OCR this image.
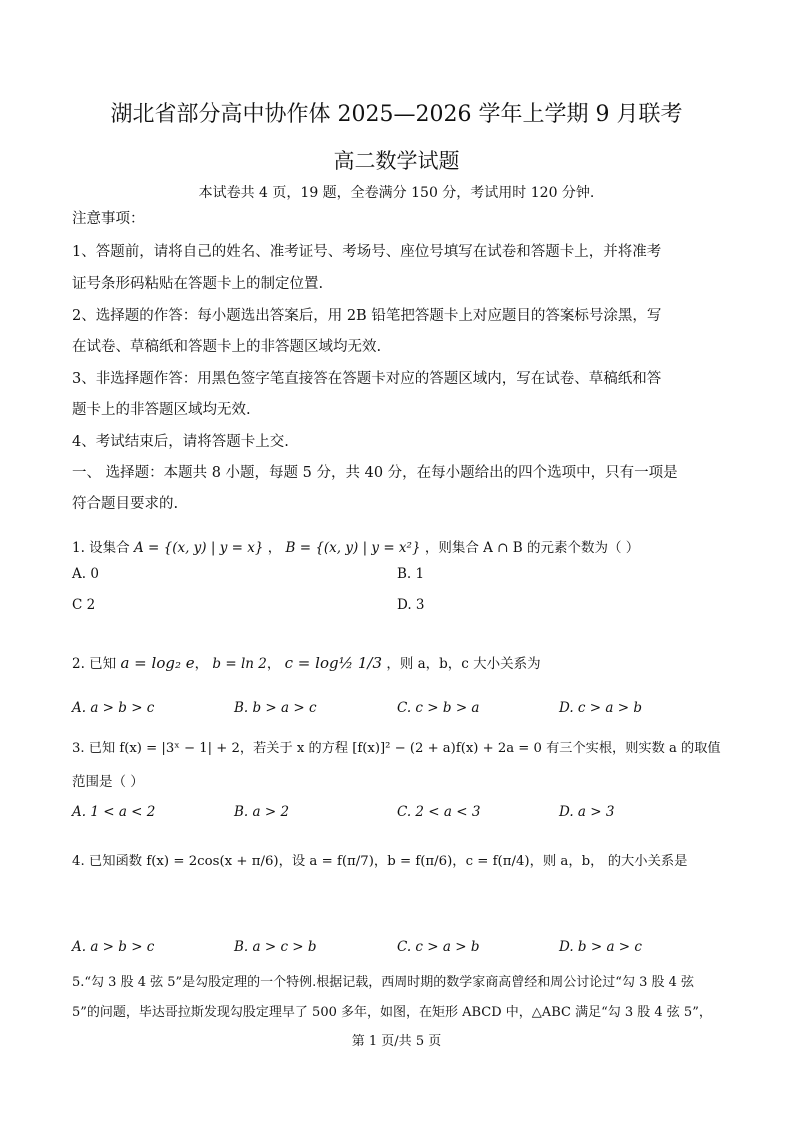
湖北省部分高中协作体 2025—2026 学年上学期 9 月联考
高二数学试题
本试卷共 4 页，19 题，全卷满分 150 分，考试用时 120 分钟.
注意事项：
1、答题前，请将自己的姓名、准考证号、考场号、座位号填写在试卷和答题卡上，并将准考
证号条形码粘贴在答题卡上的制定位置.
2、选择题的作答：每小题选出答案后，用 2B 铅笔把答题卡上对应题目的答案标号涂黑，写
在试卷、草稿纸和答题卡上的非答题区域均无效.
3、非选择题作答：用黑色签字笔直接答在答题卡对应的答题区域内，写在试卷、草稿纸和答
题卡上的非答题区域均无效.
4、考试结束后，请将答题卡上交.
一、 选择题：本题共 8 小题，每题 5 分，共 40 分，在每小题给出的四个选项中，只有一项是
符合题目要求的.
1. 设集合 A = {(x, y) | y = x} ， B = {(x, y) | y = x²} ，则集合 A ∩ B 的元素个数为（ ）
A. 0	B. 1
C 2	D. 3
2. 已知 a = log₂ e， b = ln 2， c = log½ 1/3 ，则 a，b，c 大小关系为
A. a > b > c	B. b > a > c	C. c > b > a	D. c > a > b
3. 已知 f(x) = |3ˣ − 1| + 2，若关于 x 的方程 [f(x)]² − (2 + a)f(x) + 2a = 0 有三个实根，则实数 a 的取值
范围是（ ）
A. 1 < a < 2	B. a > 2	C. 2 < a < 3	D. a > 3
4. 已知函数 f(x) = 2cos(x + π/6)，设 a = f(π/7)，b = f(π/6)，c = f(π/4)，则 a，b， 的大小关系是
A. a > b > c	B. a > c > b	C. c > a > b	D. b > a > c
5.“勾 3 股 4 弦 5”是勾股定理的一个特例.根据记载，西周时期的数学家商高曾经和周公讨论过“勾 3 股 4 弦
5”的问题，毕达哥拉斯发现勾股定理早了 500 多年，如图，在矩形 ABCD 中，△ABC 满足“勾 3 股 4 弦 5”，
第 1 页/共 5 页
